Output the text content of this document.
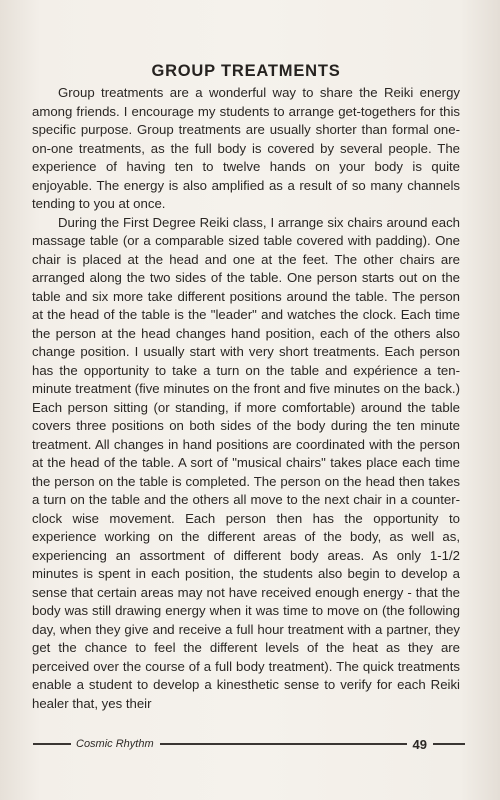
GROUP TREATMENTS

Group treatments are a wonderful way to share the Reiki energy among friends. I encourage my students to arrange get-togethers for this specific purpose. Group treatments are usually shorter than formal one-on-one treatments, as the full body is covered by several people. The experience of having ten to twelve hands on your body is quite enjoyable. The energy is also amplified as a result of so many channels tending to you at once.

During the First Degree Reiki class, I arrange six chairs around each massage table (or a comparable sized table covered with padding). One chair is placed at the head and one at the feet. The other chairs are arranged along the two sides of the table. One person starts out on the table and six more take different positions around the table. The person at the head of the table is the "leader" and watches the clock. Each time the person at the head changes hand position, each of the others also change position. I usually start with very short treatments. Each person has the opportunity to take a turn on the table and expérience a ten-minute treatment (five minutes on the front and five minutes on the back.) Each person sitting (or standing, if more comfortable) around the table covers three positions on both sides of the body during the ten minute treatment. All changes in hand positions are coordinated with the person at the head of the table. A sort of "musical chairs" takes place each time the person on the table is completed. The person on the head then takes a turn on the table and the others all move to the next chair in a counter-clock wise movement. Each person then has the opportunity to experience working on the different areas of the body, as well as, experiencing an assortment of different body areas. As only 1-1/2 minutes is spent in each position, the students also begin to develop a sense that certain areas may not have received enough energy - that the body was still drawing energy when it was time to move on (the following day, when they give and receive a full hour treatment with a partner, they get the chance to feel the different levels of the heat as they are perceived over the course of a full body treatment). The quick treatments enable a student to develop a kinesthetic sense to verify for each Reiki healer that, yes their

Cosmic Rhythm	49
